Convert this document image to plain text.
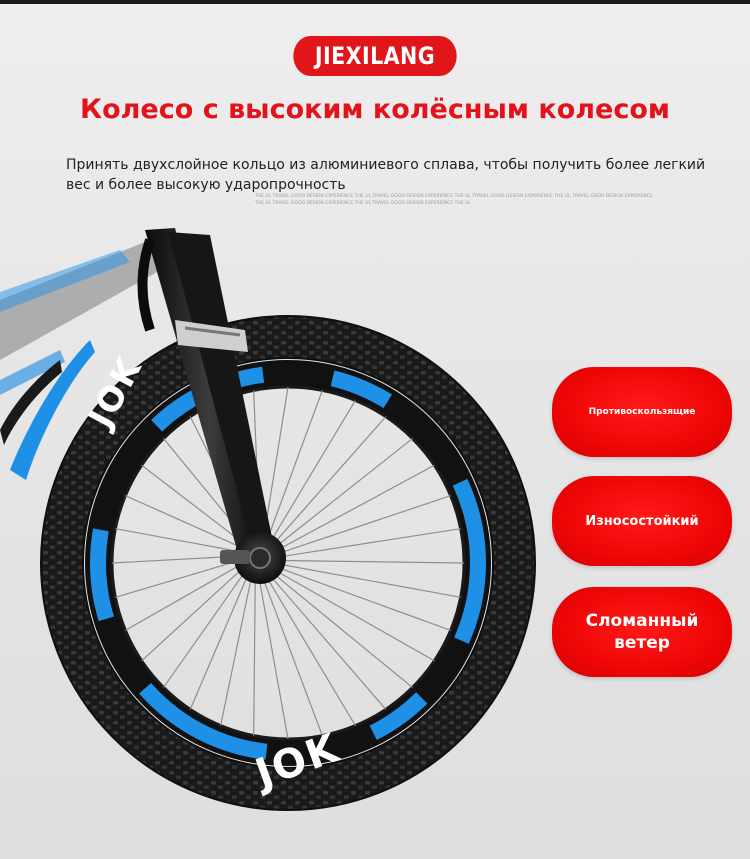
JIEXILANG
Колесо с высоким колёсным колесом

Принять двухслойное кольцо из алюминиевого сплава, чтобы получить более легкий вес и более высокую ударопрочность

THE UL TRAVEL GOOD DESIGN EXPERIENCE THE UL TRAVEL GOOD DESIGN EXPERIENCE THE UL TRAVEL GOOD DESIGN EXPERIENCE THE UL TRAVEL GOOD DESIGN EXPERIENCE
THE UL TRAVEL GOOD DESIGN EXPERIENCE THE UL TRAVEL GOOD DESIGN EXPERIENCE THE UL
JOK
JOK
Противоскользящие
Износостойкий
Сломанный ветер
